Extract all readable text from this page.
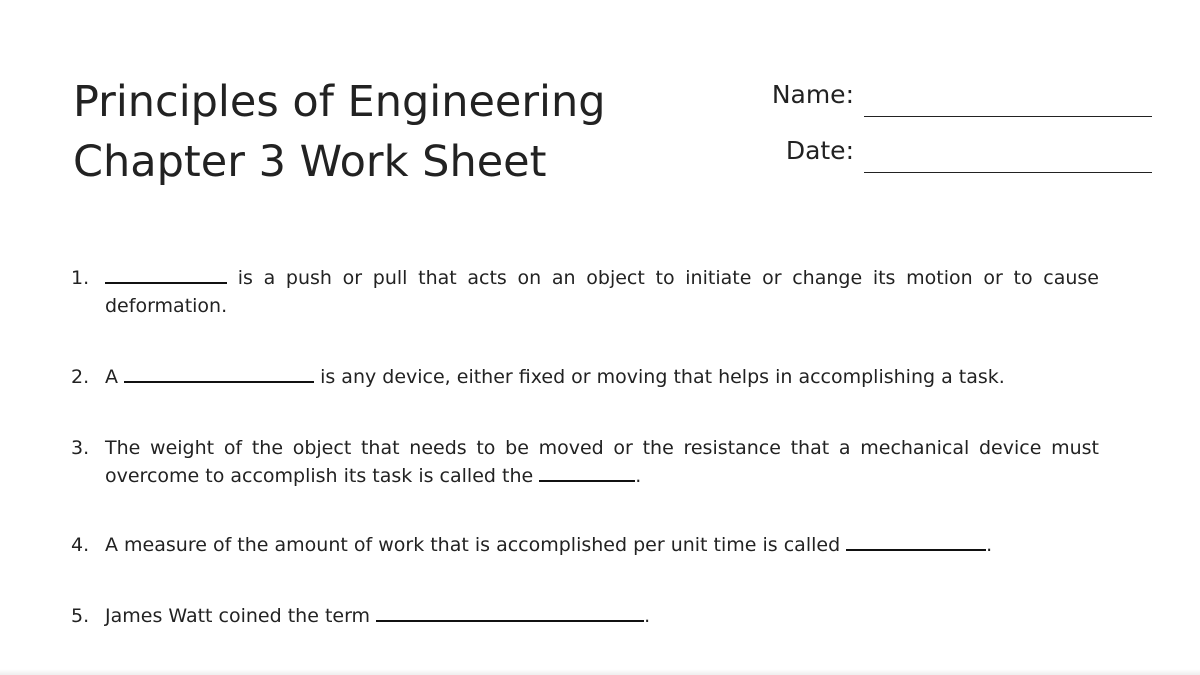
Principles of Engineering
Chapter 3 Work Sheet
Name:
Date:
1.	is a push or pull that acts on an object to initiate or change its motion or to cause deformation.
2. A	is any device, either fixed or moving that helps in accomplishing a task.
3. The weight of the object that needs to be moved or the resistance that a mechanical device must overcome to accomplish its task is called the	.
4. A measure of the amount of work that is accomplished per unit time is called	.
5. James Watt coined the term	.
